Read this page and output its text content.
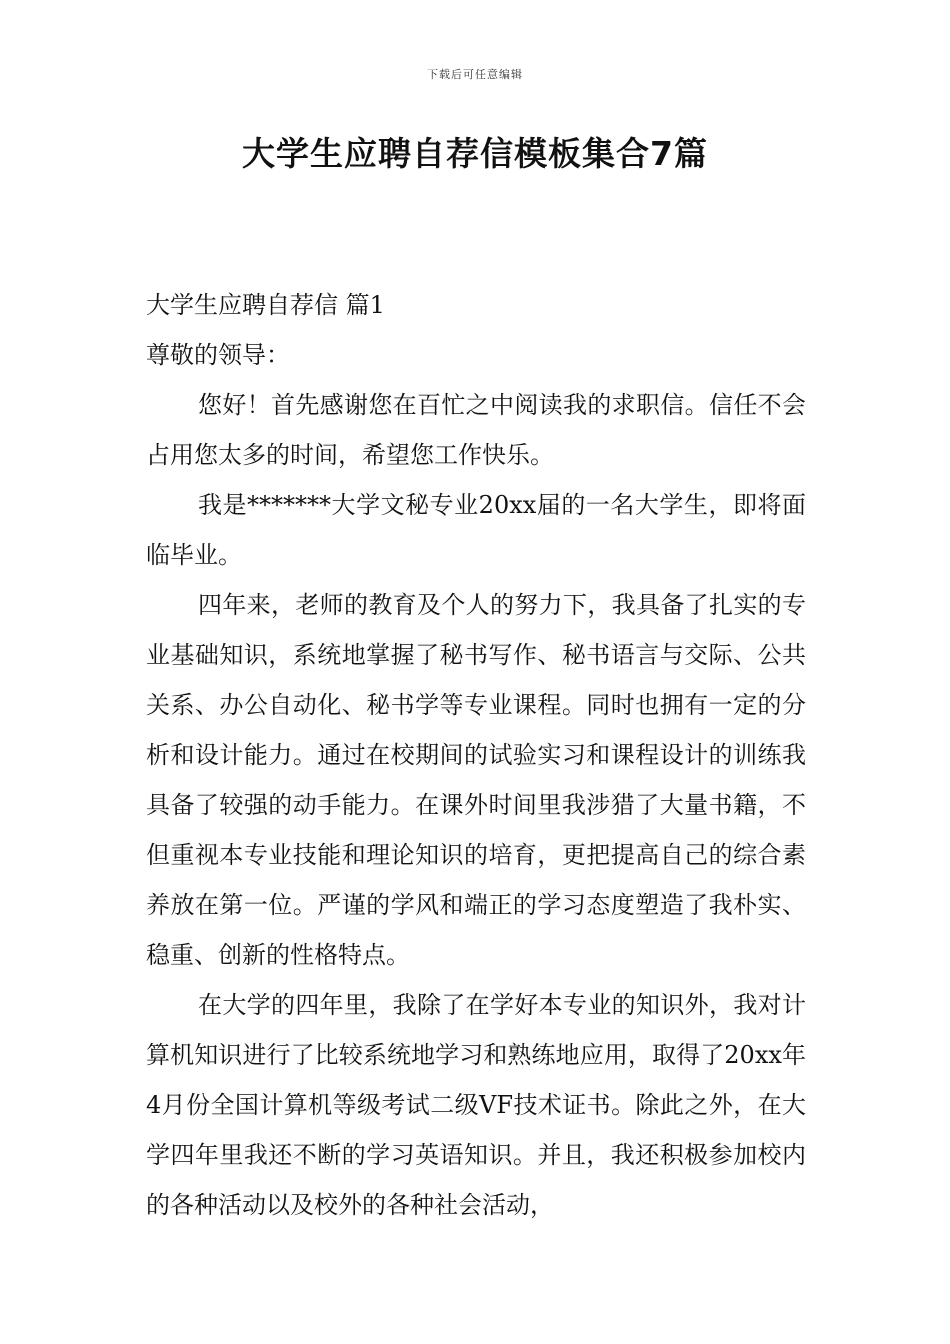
下载后可任意编辑
大学生应聘自荐信模板集合7篇

大学生应聘自荐信 篇1

尊敬的领导：

您好！首先感谢您在百忙之中阅读我的求职信。信任不会占用您太多的时间，希望您工作快乐。

我是*******大学文秘专业20xx届的一名大学生，即将面临毕业。

四年来，老师的教育及个人的努力下，我具备了扎实的专业基础知识，系统地掌握了秘书写作、秘书语言与交际、公共关系、办公自动化、秘书学等专业课程。同时也拥有一定的分析和设计能力。通过在校期间的试验实习和课程设计的训练我具备了较强的动手能力。在课外时间里我涉猎了大量书籍，不但重视本专业技能和理论知识的培育，更把提高自己的综合素养放在第一位。严谨的学风和端正的学习态度塑造了我朴实、稳重、创新的性格特点。

在大学的四年里，我除了在学好本专业的知识外，我对计算机知识进行了比较系统地学习和熟练地应用，取得了20xx年4月份全国计算机等级考试二级VF技术证书。除此之外，在大学四年里我还不断的学习英语知识。并且，我还积极参加校内的各种活动以及校外的各种社会活动，
